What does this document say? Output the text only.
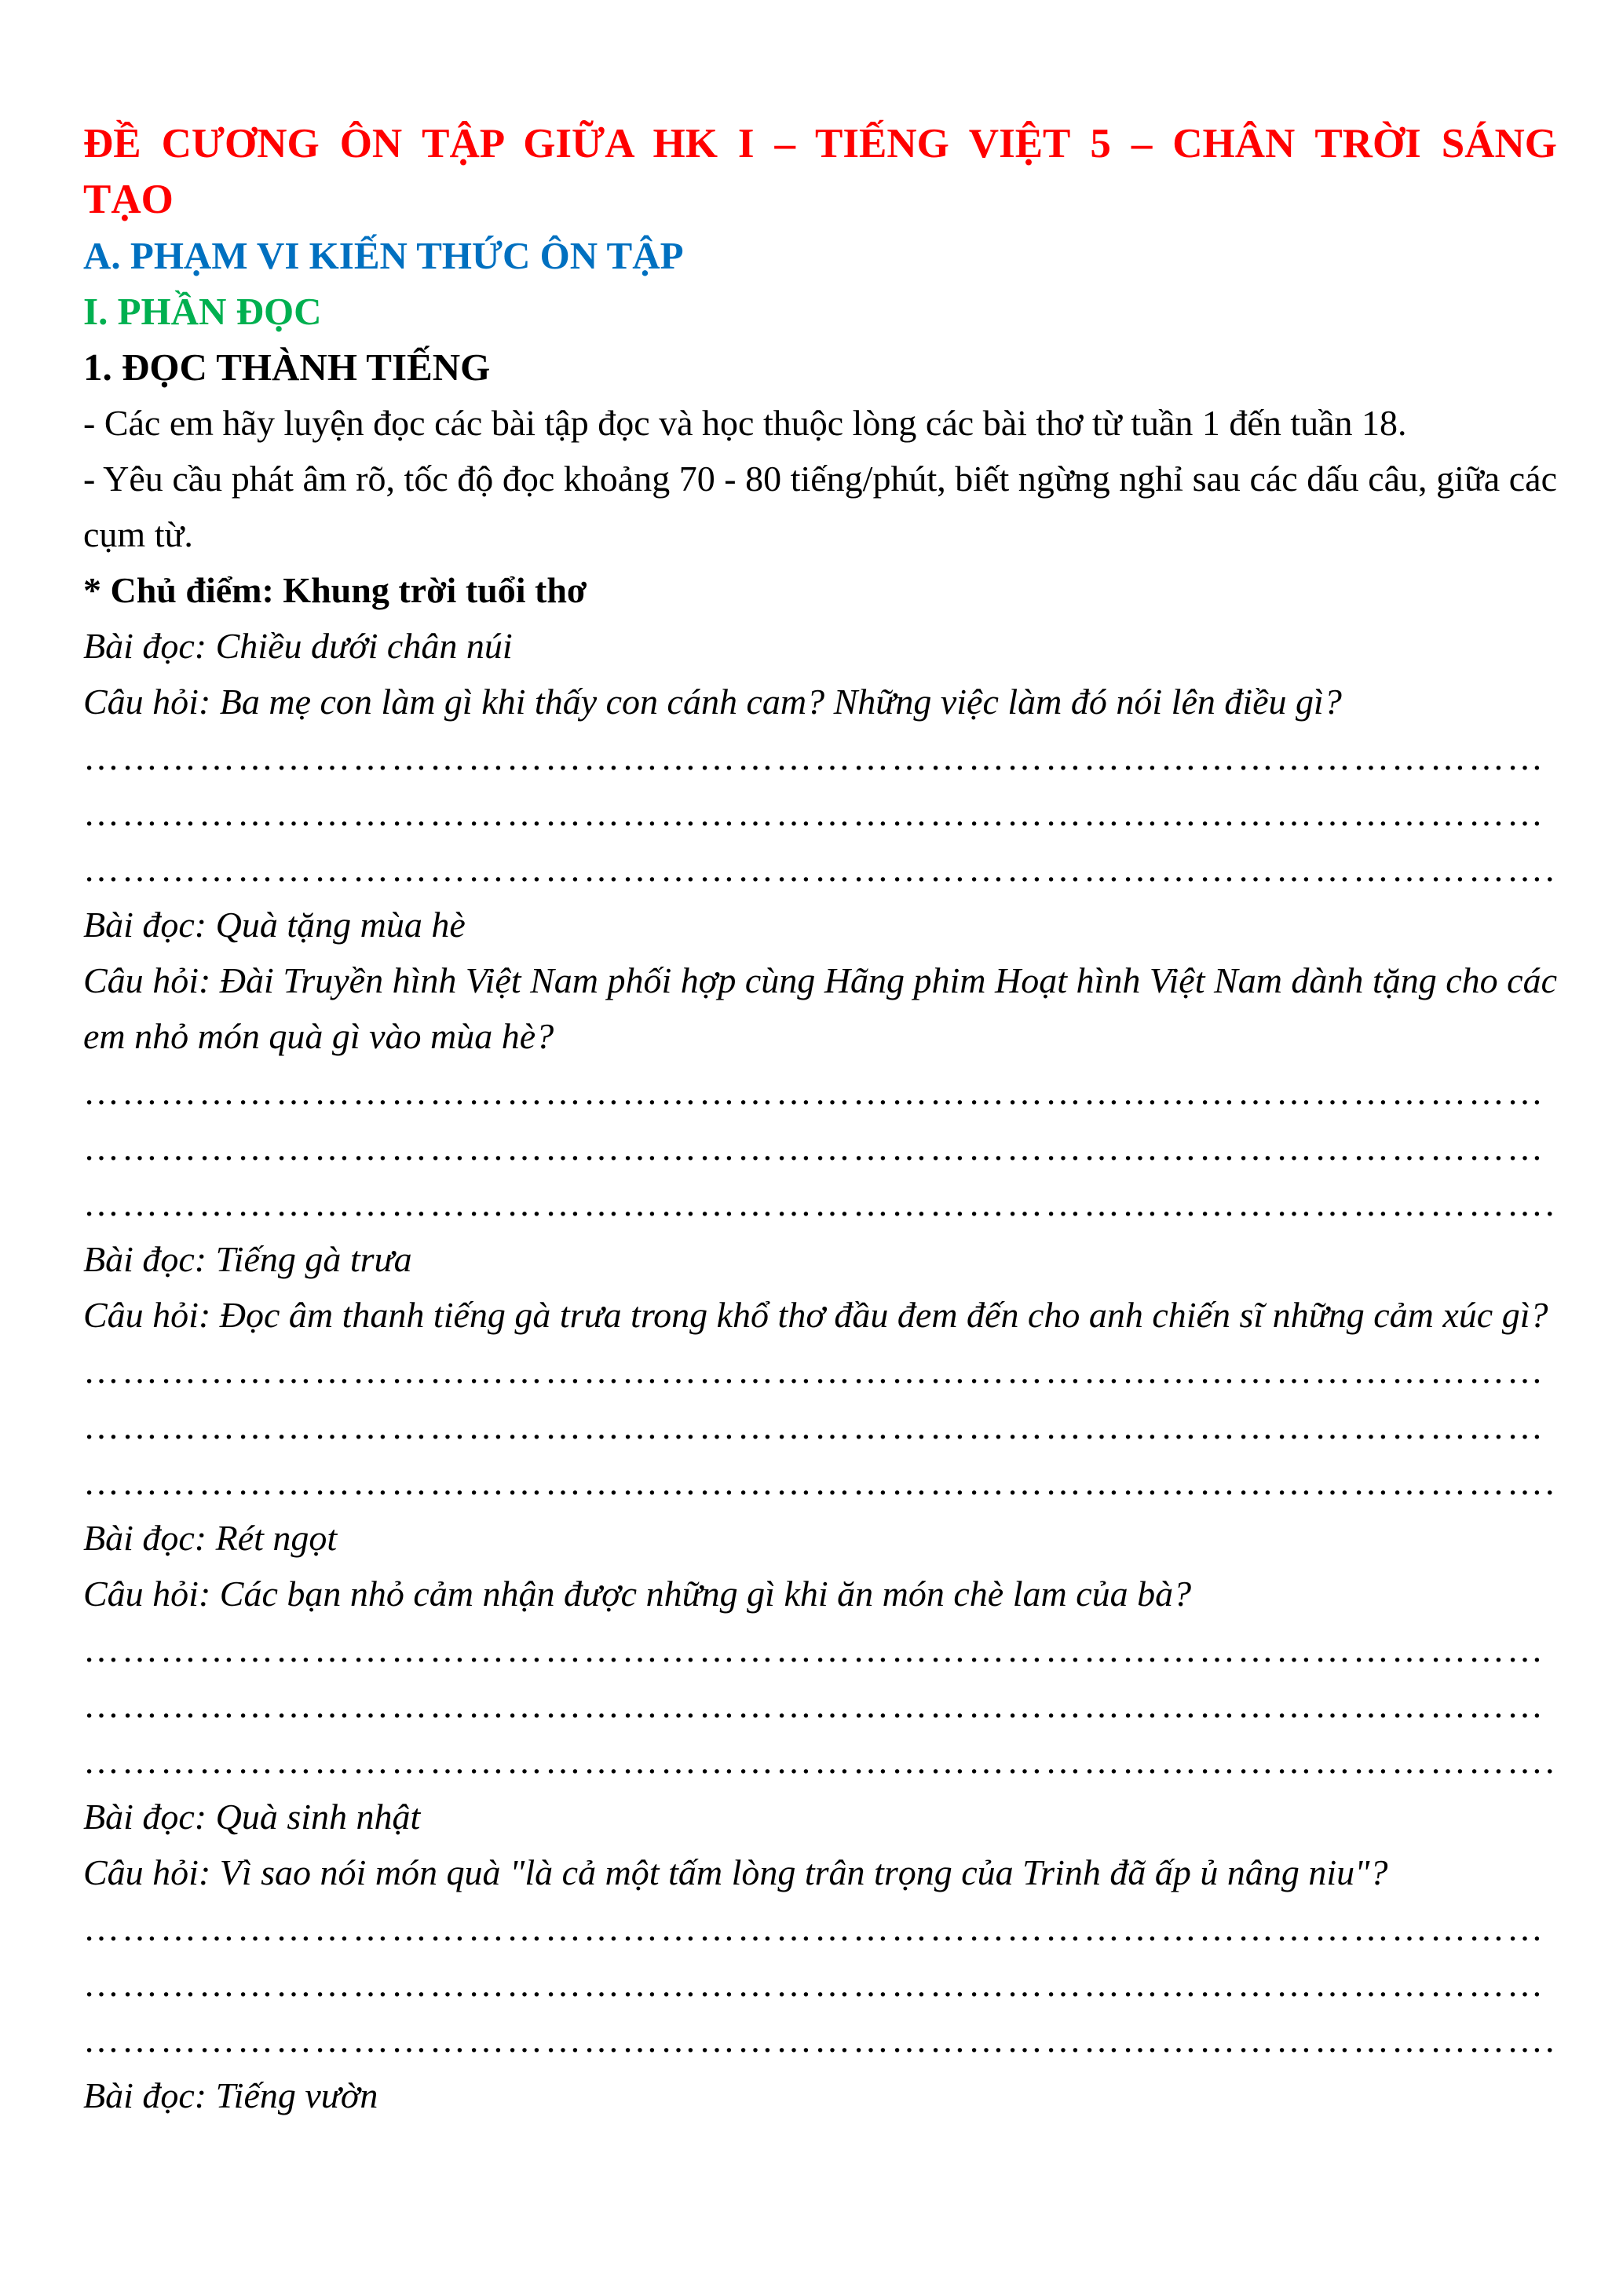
ĐỀ CƯƠNG ÔN TẬP GIỮA HK I – TIẾNG VIỆT 5 – CHÂN TRỜI SÁNG

TẠO

A. PHẠM VI KIẾN THỨC ÔN TẬP

I. PHẦN ĐỌC

1. ĐỌC THÀNH TIẾNG

- Các em hãy luyện đọc các bài tập đọc và học thuộc lòng các bài thơ từ tuần 1 đến tuần 18.

- Yêu cầu phát âm rõ, tốc độ đọc khoảng 70 - 80 tiếng/phút, biết ngừng nghỉ sau các dấu câu, giữa các cụm từ.

* Chủ điểm: Khung trời tuổi thơ

Bài đọc: Chiều dưới chân núi

Câu hỏi: Ba mẹ con làm gì khi thấy con cánh cam? Những việc làm đó nói lên điều gì?

……………………………………………………………………………………………………

……………………………………………………………………………………………………

…………………………………………………………………………………………………….

Bài đọc: Quà tặng mùa hè

Câu hỏi: Đài Truyền hình Việt Nam phối hợp cùng Hãng phim Hoạt hình Việt Nam dành tặng cho các em nhỏ món quà gì vào mùa hè?

……………………………………………………………………………………………………

……………………………………………………………………………………………………

…………………………………………………………………………………………………….

Bài đọc: Tiếng gà trưa

Câu hỏi: Đọc âm thanh tiếng gà trưa trong khổ thơ đầu đem đến cho anh chiến sĩ những cảm xúc gì?

……………………………………………………………………………………………………

……………………………………………………………………………………………………

…………………………………………………………………………………………………….

Bài đọc: Rét ngọt

Câu hỏi: Các bạn nhỏ cảm nhận được những gì khi ăn món chè lam của bà?

……………………………………………………………………………………………………

……………………………………………………………………………………………………

…………………………………………………………………………………………………….

Bài đọc: Quà sinh nhật

Câu hỏi: Vì sao nói món quà "là cả một tấm lòng trân trọng của Trinh đã ấp ủ nâng niu"?

……………………………………………………………………………………………………

……………………………………………………………………………………………………

…………………………………………………………………………………………………….

Bài đọc: Tiếng vườn
